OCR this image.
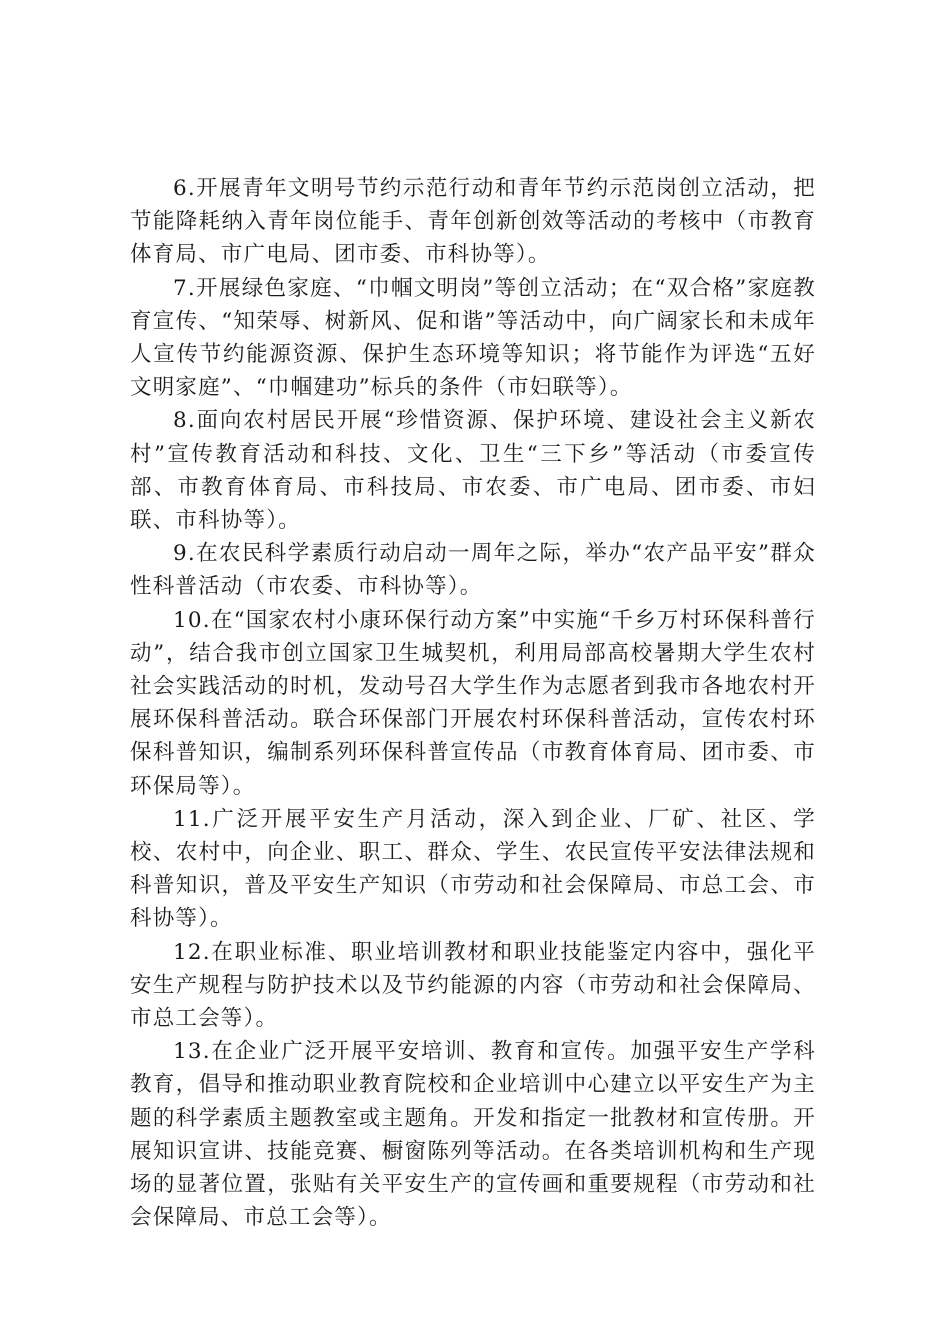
6.开展青年文明号节约示范行动和青年节约示范岗创立活动，把节能降耗纳入青年岗位能手、青年创新创效等活动的考核中（市教育体育局、市广电局、团市委、市科协等）。

7.开展绿色家庭、“巾帼文明岗”等创立活动；在“双合格”家庭教育宣传、“知荣辱、树新风、促和谐”等活动中，向广阔家长和未成年人宣传节约能源资源、保护生态环境等知识；将节能作为评选“五好文明家庭”、“巾帼建功”标兵的条件（市妇联等）。

8.面向农村居民开展“珍惜资源、保护环境、建设社会主义新农村”宣传教育活动和科技、文化、卫生“三下乡”等活动（市委宣传部、市教育体育局、市科技局、市农委、市广电局、团市委、市妇联、市科协等）。

9.在农民科学素质行动启动一周年之际，举办“农产品平安”群众性科普活动（市农委、市科协等）。

10.在“国家农村小康环保行动方案”中实施“千乡万村环保科普行动”，结合我市创立国家卫生城契机，利用局部高校暑期大学生农村社会实践活动的时机，发动号召大学生作为志愿者到我市各地农村开展环保科普活动。联合环保部门开展农村环保科普活动，宣传农村环保科普知识，编制系列环保科普宣传品（市教育体育局、团市委、市环保局等）。

11.广泛开展平安生产月活动，深入到企业、厂矿、社区、学校、农村中，向企业、职工、群众、学生、农民宣传平安法律法规和科普知识，普及平安生产知识（市劳动和社会保障局、市总工会、市科协等）。

12.在职业标准、职业培训教材和职业技能鉴定内容中，强化平安生产规程与防护技术以及节约能源的内容（市劳动和社会保障局、市总工会等）。

13.在企业广泛开展平安培训、教育和宣传。加强平安生产学科教育，倡导和推动职业教育院校和企业培训中心建立以平安生产为主题的科学素质主题教室或主题角。开发和指定一批教材和宣传册。开展知识宣讲、技能竞赛、橱窗陈列等活动。在各类培训机构和生产现场的显著位置，张贴有关平安生产的宣传画和重要规程（市劳动和社会保障局、市总工会等）。
